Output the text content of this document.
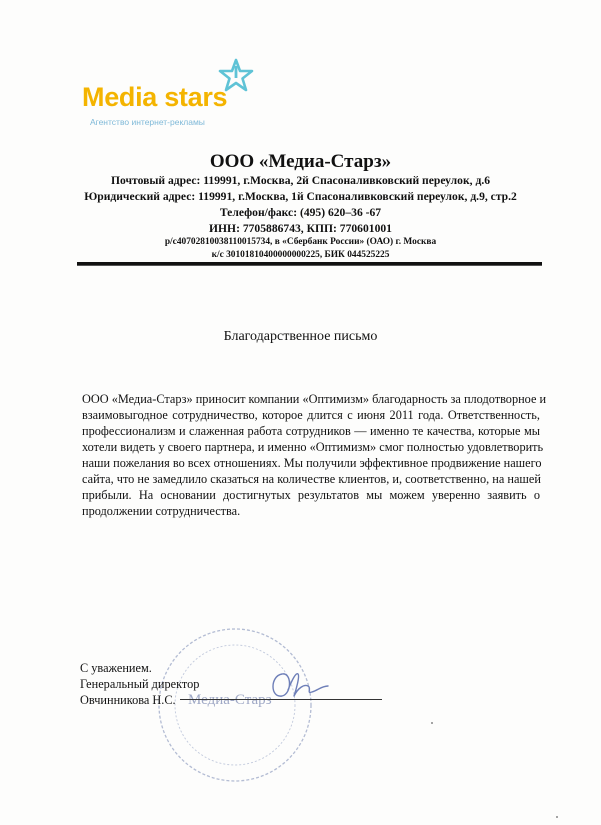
Media stars
Агентство интернет-рекламы
ООО «Медиа-Старз»
Почтовый адрес: 119991, г.Москва, 2й Спасоналивковский переулок, д.6
Юридический адрес: 119991, г.Москва, 1й Спасоналивковский переулок, д.9, стр.2
Телефон/факс: (495) 620–36 -67
ИНН: 7705886743, КПП: 770601001
р/с40702810038110015734, в «Сбербанк России» (ОАО) г. Москва
к/с 30101810400000000225, БИК 044525225
Благодарственное письмо
ООО «Медиа-Старз» приносит компании «Оптимизм» благодарность за плодотворное и
взаимовыгодное сотрудничество, которое длится с июня 2011 года. Ответственность,
профессионализм и слаженная работа сотрудников — именно те качества, которые мы
хотели видеть у своего партнера, и именно «Оптимизм» смог полностью удовлетворить
наши пожелания во всех отношениях. Мы получили эффективное продвижение нашего
сайта, что не замедлило сказаться на количестве клиентов, и, соответственно, на нашей
прибыли. На основании достигнутых результатов мы можем уверенно заявить о
продолжении сотрудничества.
Медиа-Старз
С уважением.
Генеральный директор
Овчинникова Н.С.
